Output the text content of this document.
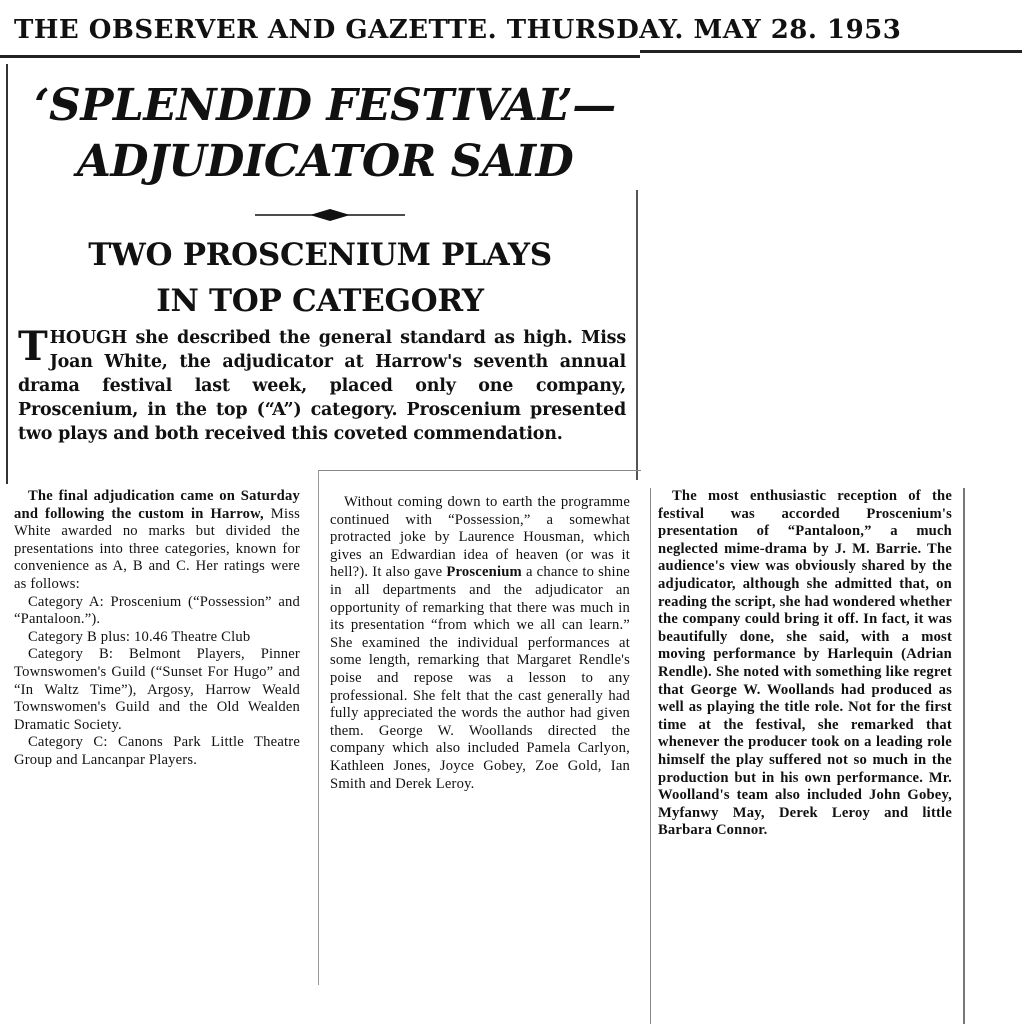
THE OBSERVER AND GAZETTE. THURSDAY. MAY 28. 1953
‘SPLENDID FESTIVAL’—
ADJUDICATOR SAID
TWO PROSCENIUM PLAYS
IN TOP CATEGORY

THOUGH she described the general standard as high. Miss Joan White, the adjudicator at Harrow's seventh annual drama festival last week, placed only one company, Proscenium, in the top (“A”) category. Proscenium presented two plays and both received this coveted commendation.

The final adjudication came on Saturday and following the custom in Harrow, Miss White awarded no marks but divided the presentations into three categories, known for convenience as A, B and C. Her ratings were as follows:

Category A: Proscenium (“Possession” and “Pantaloon.”).

Category B plus: 10.46 Theatre Club

Category B: Belmont Players, Pinner Townswomen's Guild (“Sunset For Hugo” and “In Waltz Time”), Argosy, Harrow Weald Townswomen's Guild and the Old Wealden Dramatic Society.

Category C: Canons Park Little Theatre Group and Lancanpar Players.

Without coming down to earth the programme continued with “Possession,” a somewhat protracted joke by Laurence Housman, which gives an Edwardian idea of heaven (or was it hell?). It also gave Proscenium a chance to shine in all departments and the adjudicator an opportunity of remarking that there was much in its presentation “from which we all can learn.” She examined the individual performances at some length, remarking that Margaret Rendle's poise and repose was a lesson to any professional. She felt that the cast generally had fully appreciated the words the author had given them. George W. Woollands directed the company which also included Pamela Carlyon, Kathleen Jones, Joyce Gobey, Zoe Gold, Ian Smith and Derek Leroy.

The most enthusiastic reception of the festival was accorded Proscenium's presentation of “Pantaloon,” a much neglected mime-drama by J. M. Barrie. The audience's view was obviously shared by the adjudicator, although she admitted that, on reading the script, she had wondered whether the company could bring it off. In fact, it was beautifully done, she said, with a most moving performance by Harlequin (Adrian Rendle). She noted with something like regret that George W. Woollands had produced as well as playing the title role. Not for the first time at the festival, she remarked that whenever the producer took on a leading role himself the play suffered not so much in the production but in his own performance. Mr. Woolland's team also included John Gobey, Myfanwy May, Derek Leroy and little Barbara Connor.
